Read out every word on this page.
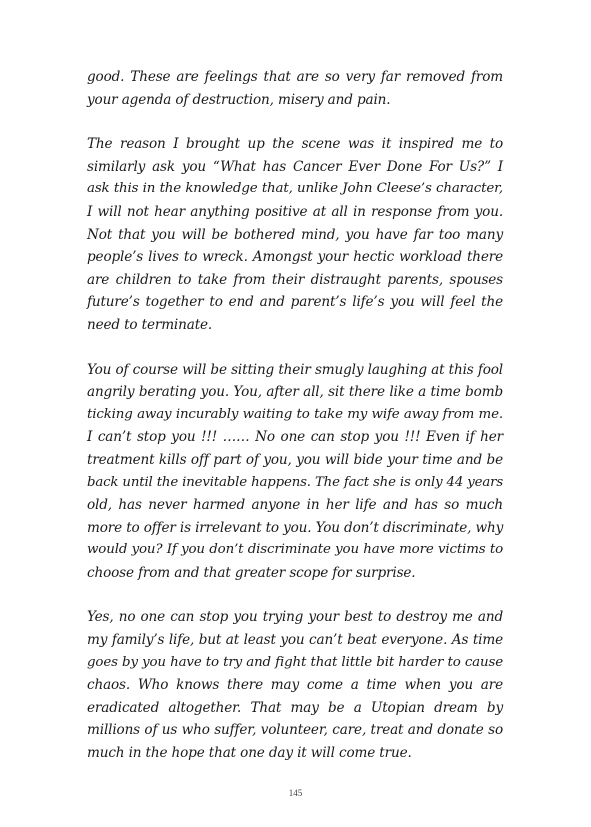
good. These are feelings that are so very far removed from
your agenda of destruction, misery and pain.

The reason I brought up the scene was it inspired me to
similarly ask you “What has Cancer Ever Done For Us?” I
ask this in the knowledge that, unlike John Cleese’s character,
I will not hear anything positive at all in response from you.
Not that you will be bothered mind, you have far too many
people’s lives to wreck. Amongst your hectic workload there
are children to take from their distraught parents, spouses
future’s together to end and parent’s life’s you will feel the
need to terminate.

You of course will be sitting their smugly laughing at this fool
angrily berating you. You, after all, sit there like a time bomb
ticking away incurably waiting to take my wife away from me.
I can’t stop you !!! …… No one can stop you !!! Even if her
treatment kills off part of you, you will bide your time and be
back until the inevitable happens. The fact she is only 44 years
old, has never harmed anyone in her life and has so much
more to offer is irrelevant to you. You don’t discriminate, why
would you? If you don’t discriminate you have more victims to
choose from and that greater scope for surprise.

Yes, no one can stop you trying your best to destroy me and
my family’s life, but at least you can’t beat everyone. As time
goes by you have to try and fight that little bit harder to cause
chaos. Who knows there may come a time when you are
eradicated altogether. That may be a Utopian dream by
millions of us who suffer, volunteer, care, treat and donate so
much in the hope that one day it will come true.

145
